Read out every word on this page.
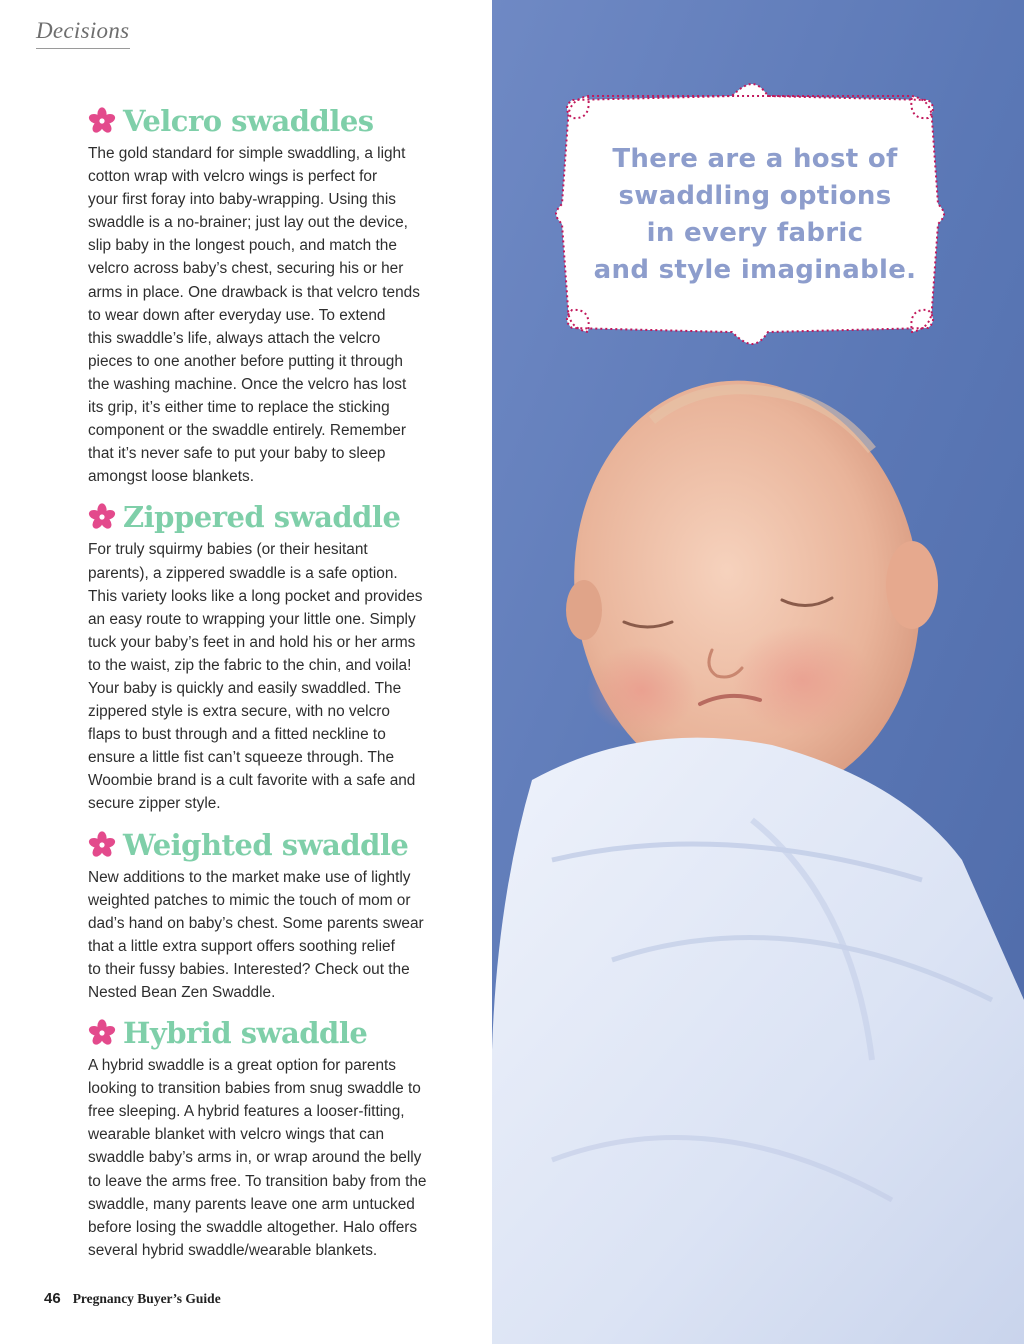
Decisions
Velcro swaddles

The gold standard for simple swaddling, a light
cotton wrap with velcro wings is perfect for
your first foray into baby-wrapping. Using this
swaddle is a no-brainer; just lay out the device,
slip baby in the longest pouch, and match the
velcro across baby’s chest, securing his or her
arms in place. One drawback is that velcro tends
to wear down after everyday use. To extend
this swaddle’s life, always attach the velcro
pieces to one another before putting it through
the washing machine. Once the velcro has lost
its grip, it’s either time to replace the sticking
component or the swaddle entirely. Remember
that it’s never safe to put your baby to sleep
amongst loose blankets.

Zippered swaddle

For truly squirmy babies (or their hesitant
parents), a zippered swaddle is a safe option.
This variety looks like a long pocket and provides
an easy route to wrapping your little one. Simply
tuck your baby’s feet in and hold his or her arms
to the waist, zip the fabric to the chin, and voila!
Your baby is quickly and easily swaddled. The
zippered style is extra secure, with no velcro
flaps to bust through and a fitted neckline to
ensure a little fist can’t squeeze through. The
Woombie brand is a cult favorite with a safe and
secure zipper style.

Weighted swaddle

New additions to the market make use of lightly
weighted patches to mimic the touch of mom or
dad’s hand on baby’s chest. Some parents swear
that a little extra support offers soothing relief
to their fussy babies. Interested? Check out the
Nested Bean Zen Swaddle.

Hybrid swaddle

A hybrid swaddle is a great option for parents
looking to transition babies from snug swaddle to
free sleeping. A hybrid features a looser-fitting,
wearable blanket with velcro wings that can
swaddle baby’s arms in, or wrap around the belly
to leave the arms free. To transition baby from the
swaddle, many parents leave one arm untucked
before losing the swaddle altogether. Halo offers
several hybrid swaddle/wearable blankets.

46 Pregnancy Buyer’s Guide
There are a host of
swaddling options
in every fabric
and style imaginable.
